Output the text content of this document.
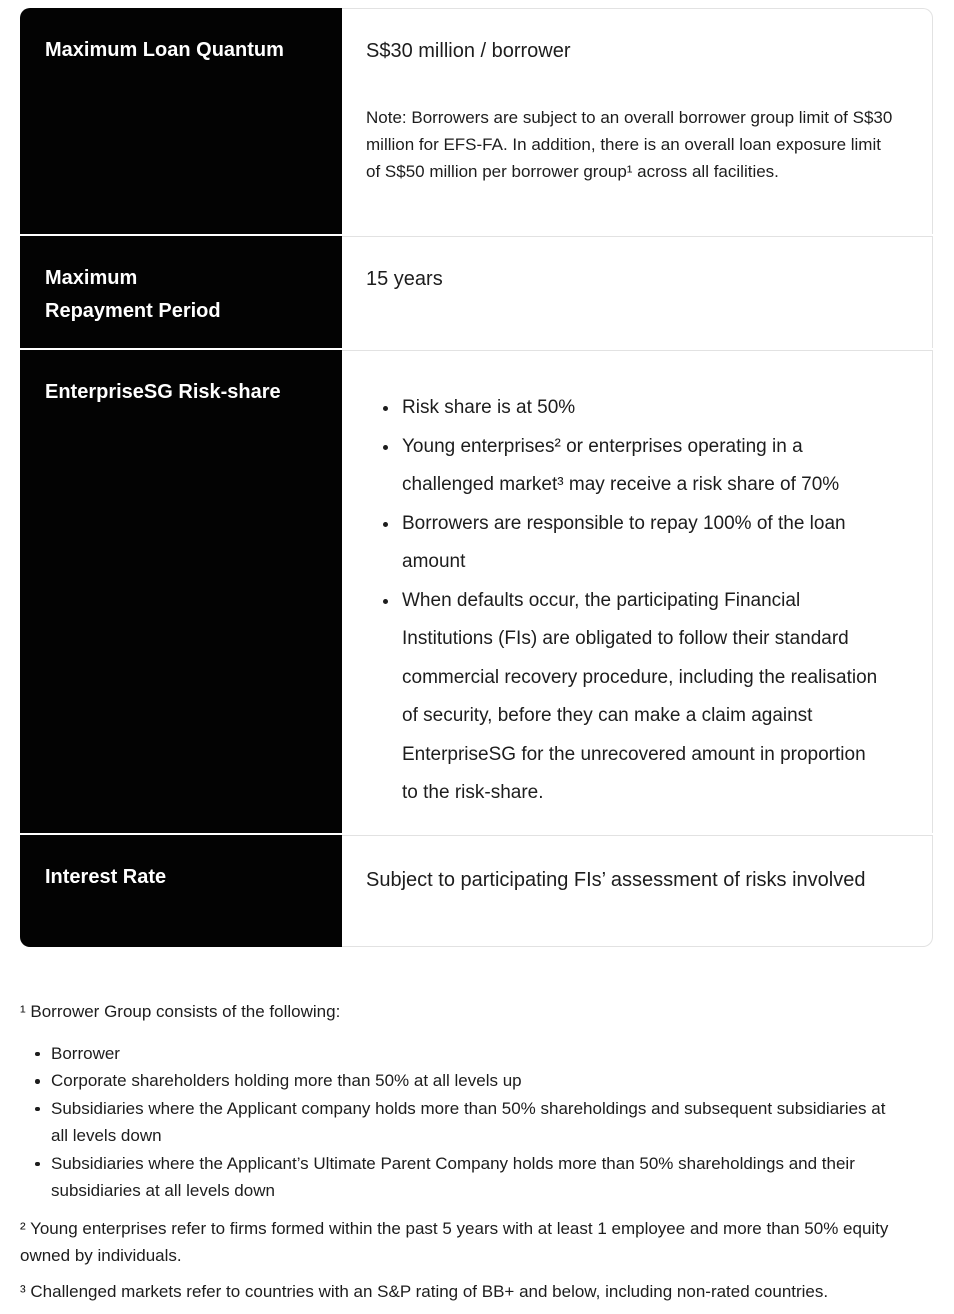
Maximum Loan Quantum	S$30 million / borrower

Note: Borrowers are subject to an overall borrower group limit of S$30 million for EFS-FA. In addition, there is an overall loan exposure limit of S$50 million per borrower group¹ across all facilities.

Maximum Repayment Period
15 years
EnterpriseSG Risk-share
Risk share is at 50%
Young enterprises² or enterprises operating in a challenged market³ may receive a risk share of 70%
Borrowers are responsible to repay 100% of the loan amount
When defaults occur, the participating Financial Institutions (FIs) are obligated to follow their standard commercial recovery procedure, including the realisation of security, before they can make a claim against EnterpriseSG for the unrecovered amount in proportion to the risk-share.
Interest Rate	Subject to participating FIs’ assessment of risks involved

¹ Borrower Group consists of the following:

Borrower
Corporate shareholders holding more than 50% at all levels up
Subsidiaries where the Applicant company holds more than 50% shareholdings and subsequent subsidiaries at all levels down
Subsidiaries where the Applicant’s Ultimate Parent Company holds more than 50% shareholdings and their subsidiaries at all levels down

² Young enterprises refer to firms formed within the past 5 years with at least 1 employee and more than 50% equity owned by individuals.

³ Challenged markets refer to countries with an S&P rating of BB+ and below, including non-rated countries.
